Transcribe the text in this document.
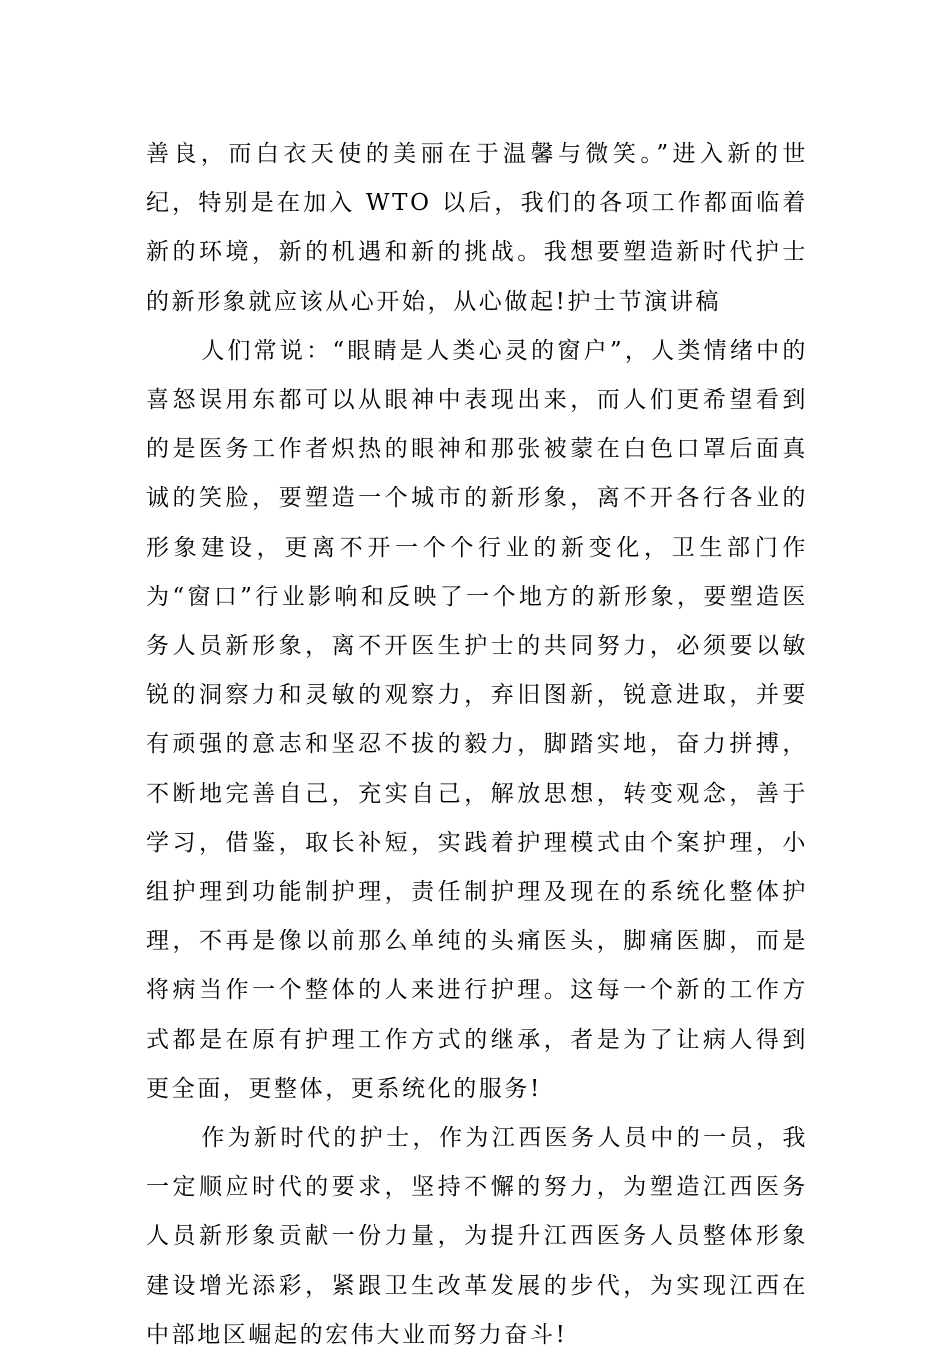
善良，而白衣天使的美丽在于温馨与微笑。”进入新的世纪，特别是在加入 WTO 以后，我们的各项工作都面临着新的环境，新的机遇和新的挑战。我想要塑造新时代护士的新形象就应该从心开始，从心做起!护士节演讲稿

人们常说：“眼睛是人类心灵的窗户”，人类情绪中的喜怒误用东都可以从眼神中表现出来，而人们更希望看到的是医务工作者炽热的眼神和那张被蒙在白色口罩后面真诚的笑脸，要塑造一个城市的新形象，离不开各行各业的形象建设，更离不开一个个行业的新变化，卫生部门作为“窗口”行业影响和反映了一个地方的新形象，要塑造医务人员新形象，离不开医生护士的共同努力，必须要以敏锐的洞察力和灵敏的观察力，弃旧图新，锐意进取，并要有顽强的意志和坚忍不拔的毅力，脚踏实地，奋力拼搏，不断地完善自己，充实自己，解放思想，转变观念，善于学习，借鉴，取长补短，实践着护理模式由个案护理，小组护理到功能制护理，责任制护理及现在的系统化整体护理，不再是像以前那么单纯的头痛医头，脚痛医脚，而是将病当作一个整体的人来进行护理。这每一个新的工作方式都是在原有护理工作方式的继承，者是为了让病人得到更全面，更整体，更系统化的服务!

作为新时代的护士，作为江西医务人员中的一员，我一定顺应时代的要求，坚持不懈的努力，为塑造江西医务人员新形象贡献一份力量，为提升江西医务人员整体形象建设增光添彩，紧跟卫生改革发展的步代，为实现江西在中部地区崛起的宏伟大业而努力奋斗!
